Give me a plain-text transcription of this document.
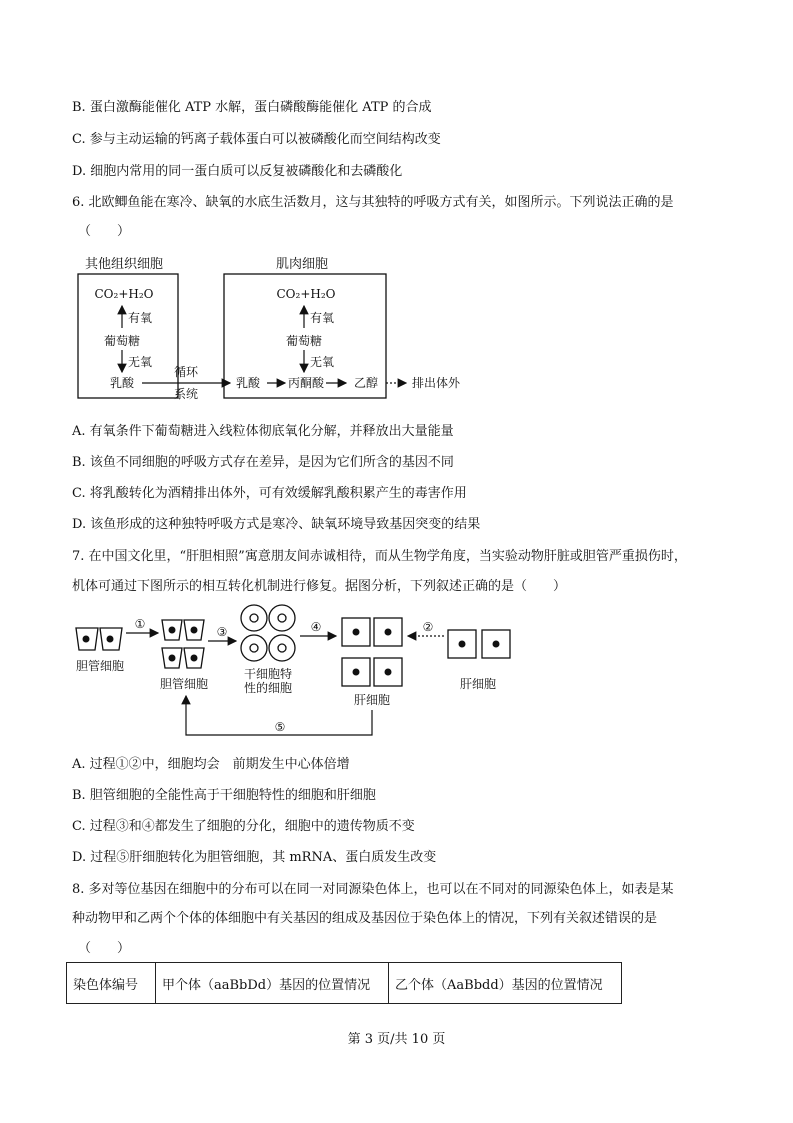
B. 蛋白激酶能催化 ATP 水解，蛋白磷酸酶能催化 ATP 的合成
C. 参与主动运输的钙离子载体蛋白可以被磷酸化而空间结构改变
D. 细胞内常用的同一蛋白质可以反复被磷酸化和去磷酸化
6. 北欧鲫鱼能在寒冷、缺氧的水底生活数月，这与其独特的呼吸方式有关，如图所示。下列说法正确的是
（　　）
其他组织细胞
CO₂+H₂O
有氧
葡萄糖
无氧
乳酸
循环
系统
肌肉细胞
CO₂+H₂O
有氧
葡萄糖
无氧
乳酸 丙酮酸 乙醇	排出体外
A. 有氧条件下葡萄糖进入线粒体彻底氧化分解，并释放出大量能量
B. 该鱼不同细胞的呼吸方式存在差异，是因为它们所含的基因不同
C. 将乳酸转化为酒精排出体外，可有效缓解乳酸积累产生的毒害作用
D. 该鱼形成的这种独特呼吸方式是寒冷、缺氧环境导致基因突变的结果
7. 在中国文化里，“肝胆相照”寓意朋友间赤诚相待，而从生物学角度，当实验动物肝脏或胆管严重损伤时，
机体可通过下图所示的相互转化机制进行修复。据图分析，下列叙述正确的是（　　）
胆管细胞
①
胆管细胞
③
干细胞特
性的细胞
④
肝细胞
②
肝细胞
⑤
A. 过程①②中，细胞均会　前期发生中心体倍增
B. 胆管细胞的全能性高于干细胞特性的细胞和肝细胞
C. 过程③和④都发生了细胞的分化，细胞中的遗传物质不变
D. 过程⑤肝细胞转化为胆管细胞，其 mRNA、蛋白质发生改变
8. 多对等位基因在细胞中的分布可以在同一对同源染色体上，也可以在不同对的同源染色体上，如表是某
种动物甲和乙两个个体的体细胞中有关基因的组成及基因位于染色体上的情况，下列有关叙述错误的是
（　　）
染色体编号	甲个体（aaBbDd）基因的位置情况	乙个体（AaBbdd）基因的位置情况
第 3 页/共 10 页
